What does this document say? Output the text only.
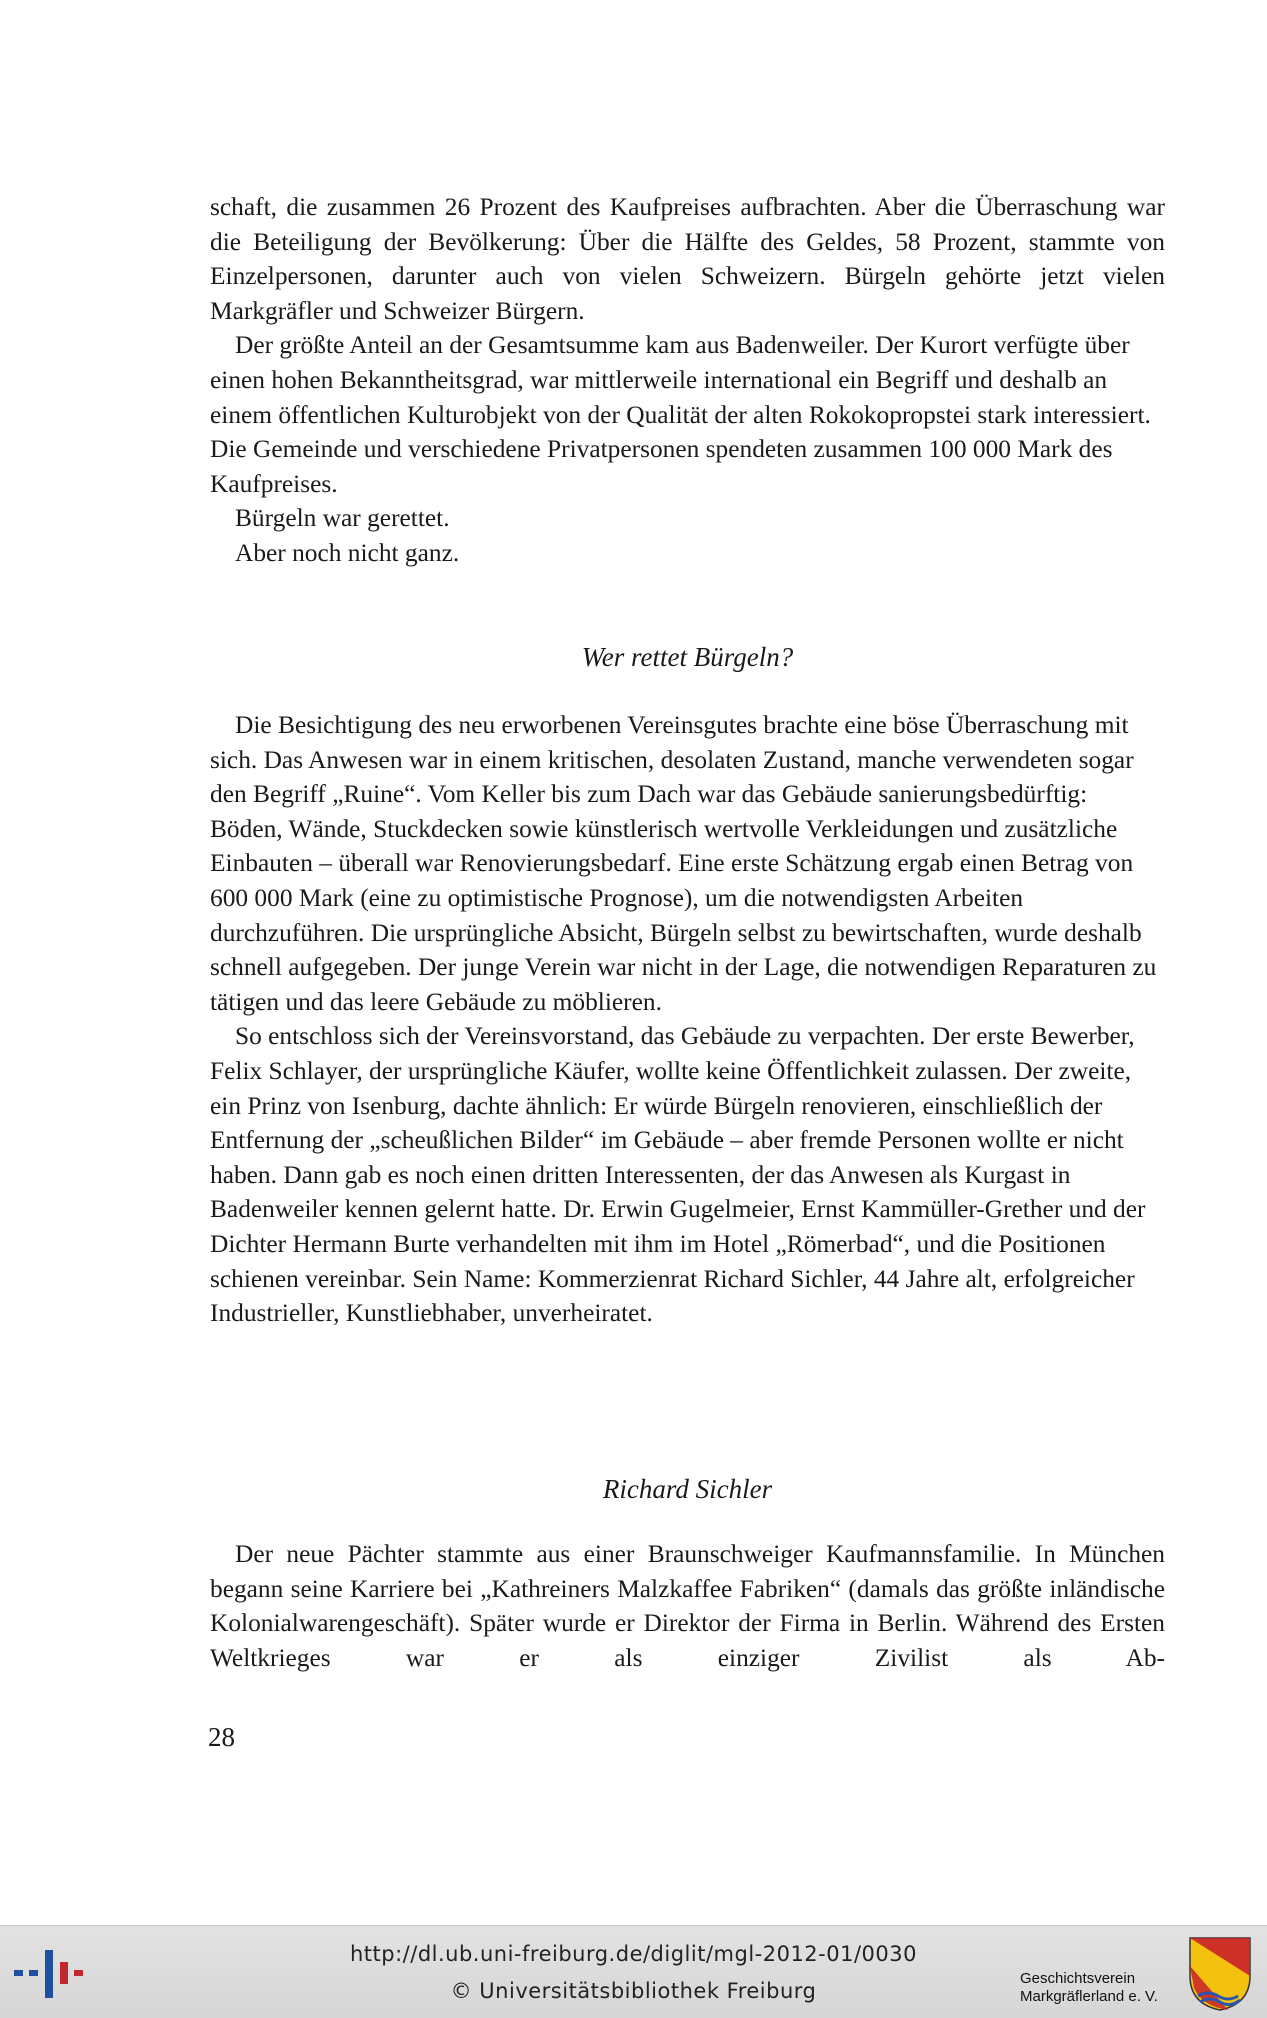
schaft, die zusammen 26 Prozent des Kaufpreises aufbrachten. Aber die Überraschung war die Beteiligung der Bevölkerung: Über die Hälfte des Geldes, 58 Prozent, stammte von Einzelpersonen, darunter auch von vielen Schweizern. Bürgeln gehörte jetzt vielen Markgräfler und Schweizer Bürgern.

Der größte Anteil an der Gesamtsumme kam aus Badenweiler. Der Kurort verfügte über einen hohen Bekanntheitsgrad, war mittlerweile international ein Begriff und deshalb an einem öffentlichen Kulturobjekt von der Qualität der alten Rokokopropstei stark interessiert. Die Gemeinde und verschiedene Privatpersonen spendeten zusammen 100 000 Mark des Kaufpreises.

Bürgeln war gerettet.

Aber noch nicht ganz.

Wer rettet Bürgeln?

Die Besichtigung des neu erworbenen Vereinsgutes brachte eine böse Überraschung mit sich. Das Anwesen war in einem kritischen, desolaten Zustand, manche verwendeten sogar den Begriff „Ruine“. Vom Keller bis zum Dach war das Gebäude sanierungsbedürftig: Böden, Wände, Stuckdecken sowie künstlerisch wertvolle Verkleidungen und zusätzliche Einbauten – überall war Renovierungsbedarf. Eine erste Schätzung ergab einen Betrag von 600 000 Mark (eine zu optimistische Prognose), um die notwendigsten Arbeiten durchzuführen. Die ursprüngliche Absicht, Bürgeln selbst zu bewirtschaften, wurde deshalb schnell aufgegeben. Der junge Verein war nicht in der Lage, die notwendigen Reparaturen zu tätigen und das leere Gebäude zu möblieren.

So entschloss sich der Vereinsvorstand, das Gebäude zu verpachten. Der erste Bewerber, Felix Schlayer, der ursprüngliche Käufer, wollte keine Öffentlichkeit zulassen. Der zweite, ein Prinz von Isenburg, dachte ähnlich: Er würde Bürgeln renovieren, einschließlich der Entfernung der „scheußlichen Bilder“ im Gebäude – aber fremde Personen wollte er nicht haben. Dann gab es noch einen dritten Interessenten, der das Anwesen als Kurgast in Badenweiler kennen gelernt hatte. Dr. Erwin Gugelmeier, Ernst Kammüller-Grether und der Dichter Hermann Burte verhandelten mit ihm im Hotel „Römerbad“, und die Positionen schienen vereinbar. Sein Name: Kommerzienrat Richard Sichler, 44 Jahre alt, erfolgreicher Industrieller, Kunstliebhaber, unverheiratet.

Richard Sichler

Der neue Pächter stammte aus einer Braunschweiger Kaufmannsfamilie. In München begann seine Karriere bei „Kathreiners Malzkaffee Fabriken“ (damals das größte inländische Kolonialwarengeschäft). Später wurde er Direktor der Firma in Berlin. Während des Ersten Weltkrieges war er als einziger Zivilist als Ab-

28
http://dl.ub.uni-freiburg.de/diglit/mgl-2012-01/0030
© Universitätsbibliothek Freiburg
Geschichtsverein
Markgräflerland e. V.
